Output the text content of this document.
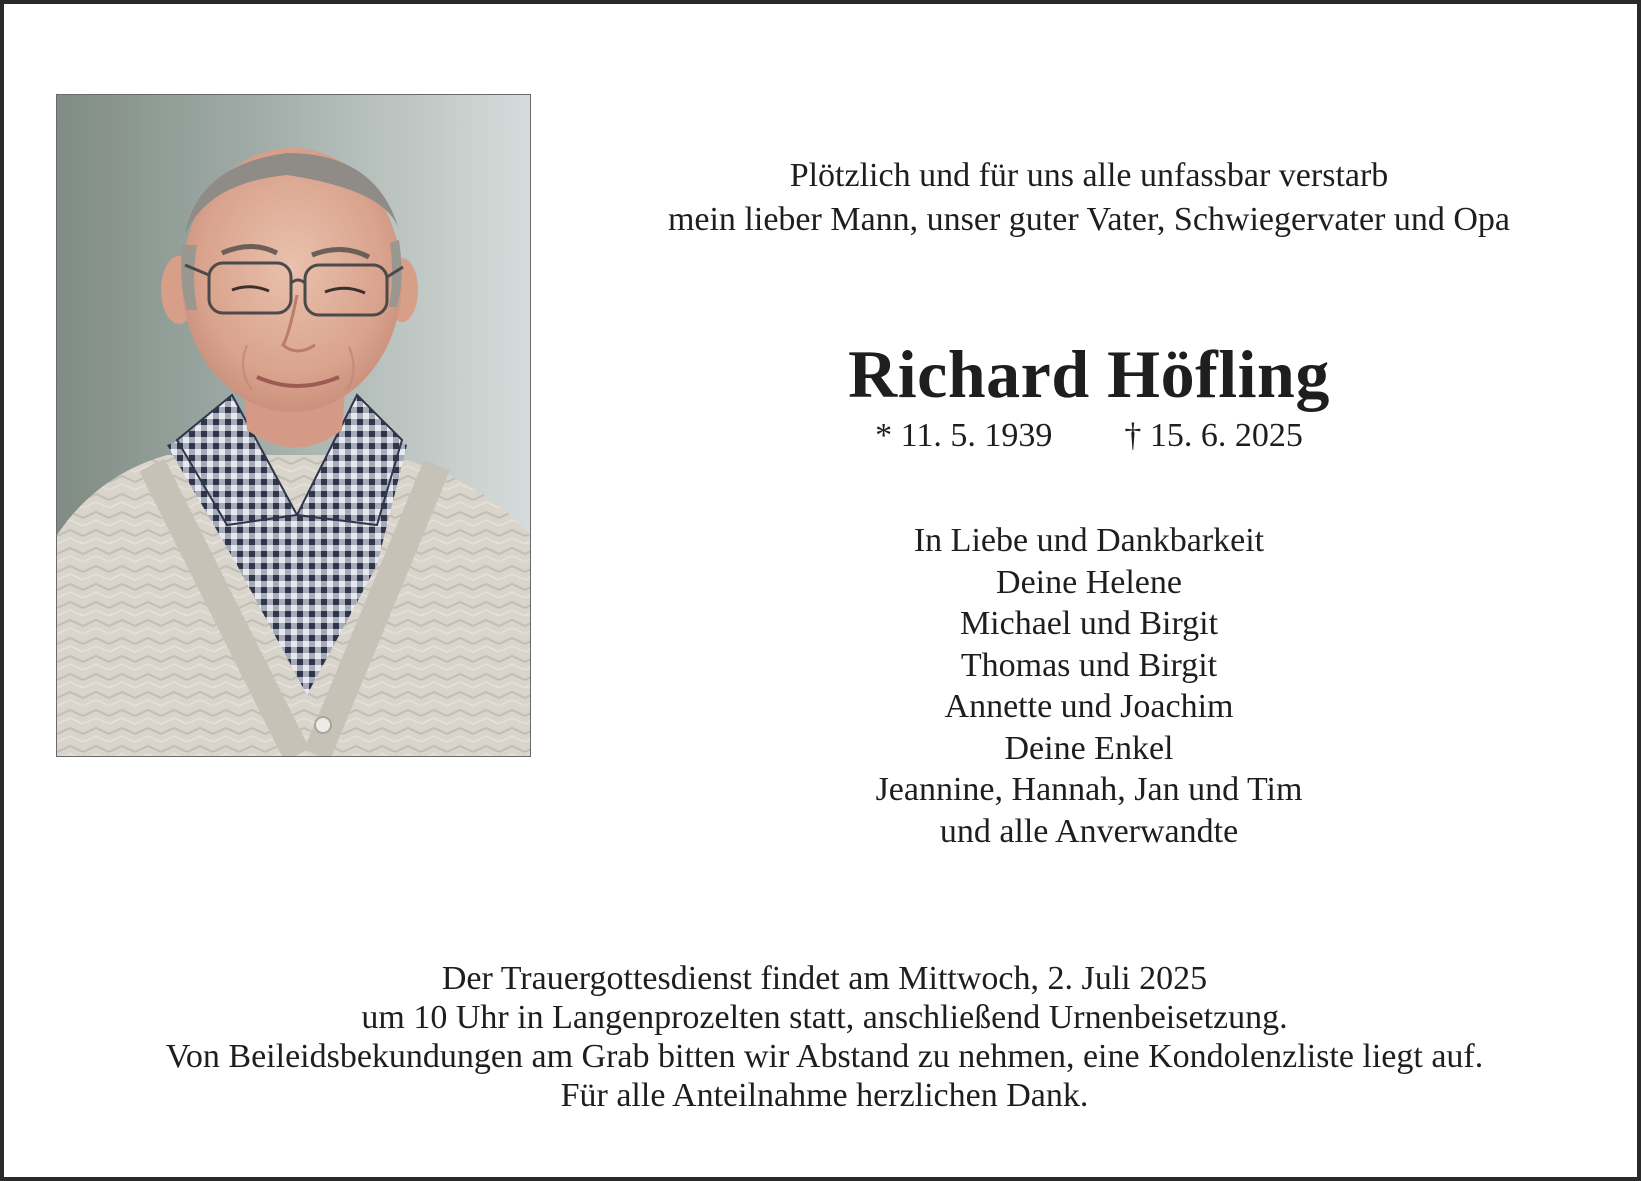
Plötzlich und für uns alle unfassbar verstarb
mein lieber Mann, unser guter Vater, Schwiegervater und Opa
Richard Höfling
* 11. 5. 1939 † 15. 6. 2025
In Liebe und Dankbarkeit
Deine Helene
Michael und Birgit
Thomas und Birgit
Annette und Joachim
Deine Enkel
Jeannine, Hannah, Jan und Tim
und alle Anverwandte
Der Trauergottesdienst findet am Mittwoch, 2. Juli 2025
um 10 Uhr in Langenprozelten statt, anschließend Urnenbeisetzung.
Von Beileidsbekundungen am Grab bitten wir Abstand zu nehmen, eine Kondolenzliste liegt auf.
Für alle Anteilnahme herzlichen Dank.
